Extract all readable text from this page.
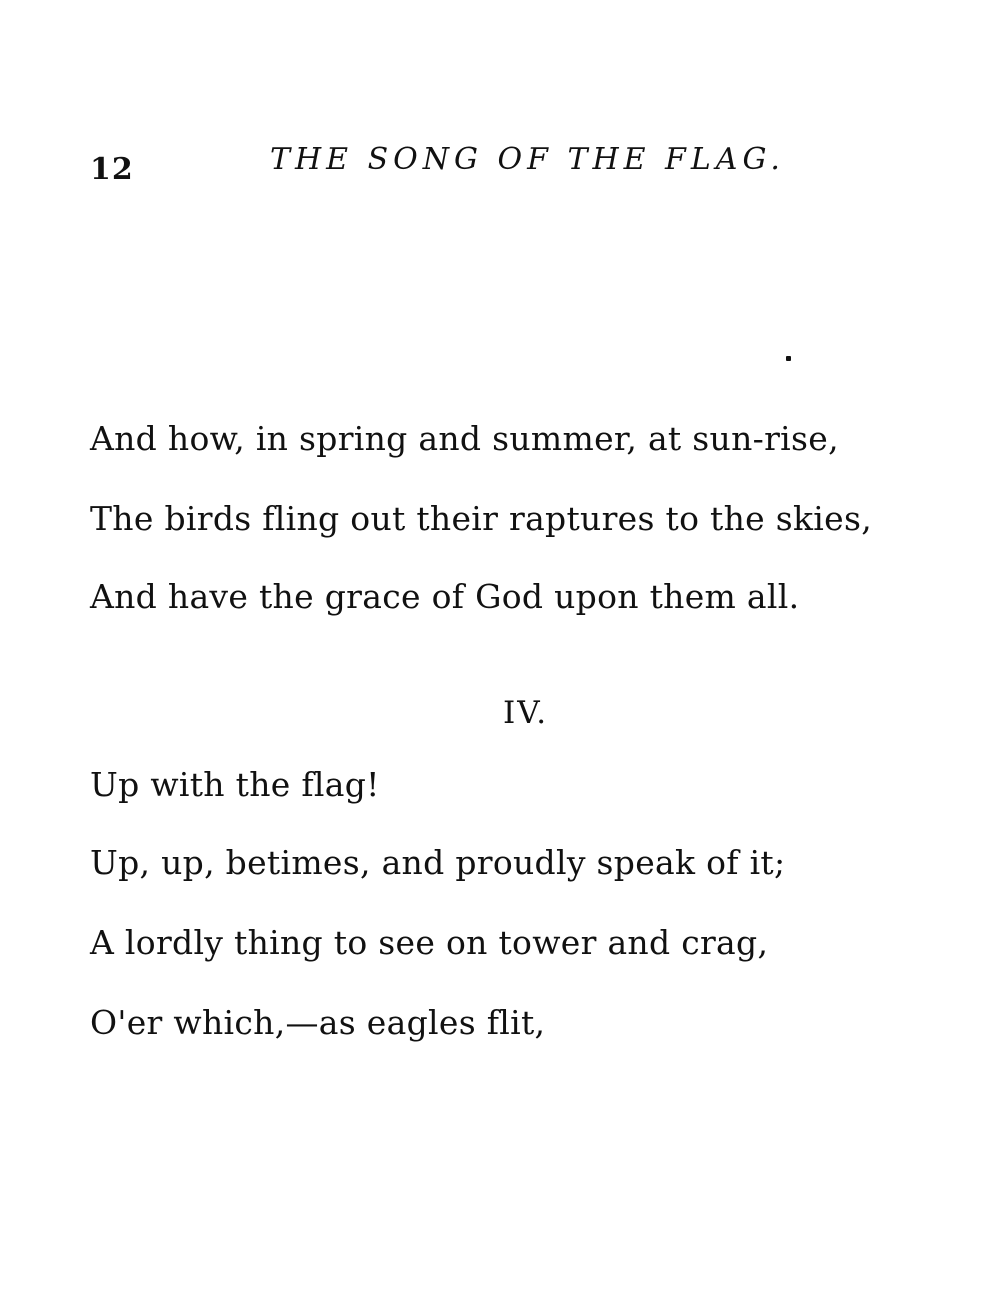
12	THE SONG OF THE FLAG.
And how, in spring and summer, at sun-rise,
The birds fling out their raptures to the skies,
And have the grace of God upon them all.
IV.
Up with the flag!
Up, up, betimes, and proudly speak of it;
A lordly thing to see on tower and crag,
O'er which,—as eagles flit,
